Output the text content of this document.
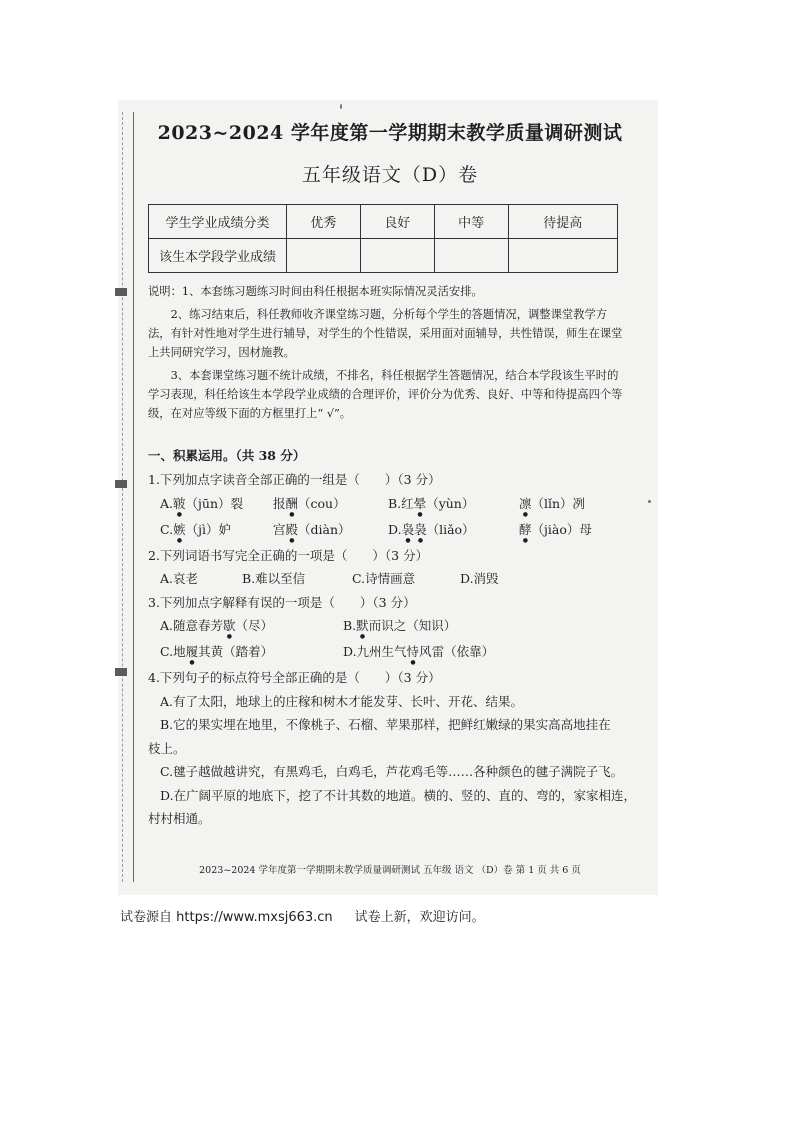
2023~2024 学年度第一学期期末教学质量调研测试
五年级语文（D）卷
学生学业成绩分类	优秀	良好	中等	待提高
该生本学段学业成绩				

说明：1、本套练习题练习时间由科任根据本班实际情况灵活安排。

2、练习结束后，科任教师收齐课堂练习题，分析每个学生的答题情况，调整课堂教学方法，有针对性地对学生进行辅导，对学生的个性错误，采用面对面辅导，共性错误，师生在课堂上共同研究学习，因材施教。

3、本套课堂练习题不统计成绩，不排名，科任根据学生答题情况，结合本学段该生平时的学习表现，科任给该生本学段学业成绩的合理评价，评价分为优秀、良好、中等和待提高四个等级，在对应等级下面的方框里打上“ √”。

一、积累运用。（共 38 分）

1.下列加点字读音全部正确的一组是（　　）（3 分）

A.皲（jūn）裂	报酬（cou）	B.红晕（yùn）	凛（lǐn）冽
C.嫉（jì）妒	宫殿（diàn）	D.袅袅（liǎo）	酵（jiào）母

2.下列词语书写完全正确的一项是（　　）（3 分）

A.哀老	B.难以至信	C.诗情画意	D.消毁

3.下列加点字解释有误的一项是（　　）（3 分）

A.随意春芳歇（尽）	B.默而识之（知识）
C.地履其黄（踏着）	D.九州生气恃风雷（依靠）

4.下列句子的标点符号全部正确的是（　　）（3 分）

A.有了太阳，地球上的庄稼和树木才能发芽、长叶、开花、结果。

B.它的果实埋在地里，不像桃子、石榴、苹果那样，把鲜红嫩绿的果实高高地挂在

枝上。

C.毽子越做越讲究，有黑鸡毛，白鸡毛，芦花鸡毛等……各种颜色的毽子满院子飞。

D.在广阔平原的地底下，挖了不计其数的地道。横的、竖的、直的、弯的，家家相连，

村村相通。

2023~2024 学年度第一学期期末教学质量调研测试 五年级 语文 （D）卷 第 1 页 共 6 页
试卷源自 https://www.mxsj663.cn 试卷上新，欢迎访问。
